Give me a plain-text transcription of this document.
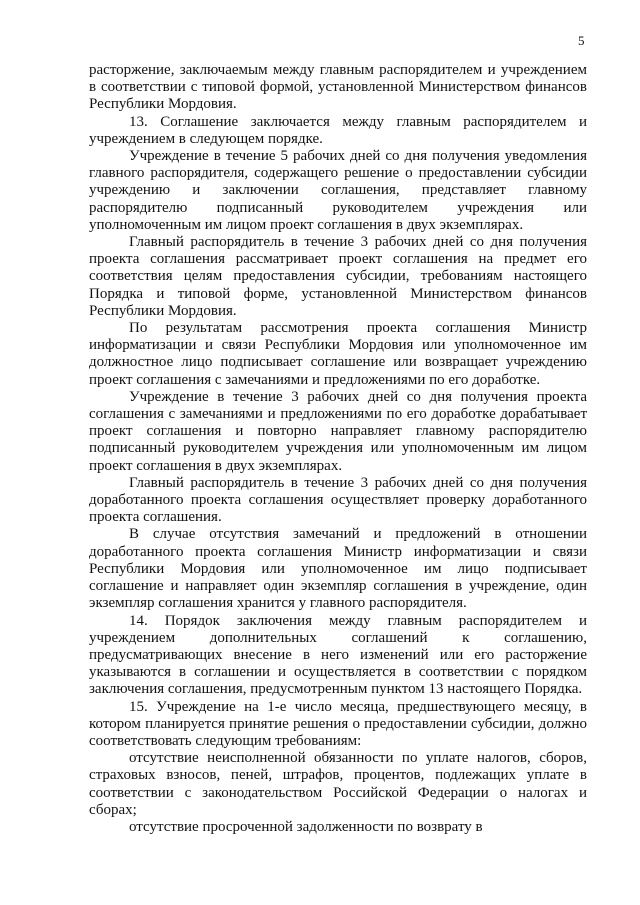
5

расторжение, заключаемым между главным распорядителем и учреждением в соответствии с типовой формой, установленной Министерством финансов Республики Мордовия.

13. Соглашение заключается между главным распорядителем и учреждением в следующем порядке.

Учреждение в течение 5 рабочих дней со дня получения уведомления главного распорядителя, содержащего решение о предоставлении субсидии учреждению и заключении соглашения, представляет главному распорядителю подписанный руководителем учреждения или уполномоченным им лицом проект соглашения в двух экземплярах.

Главный распорядитель в течение 3 рабочих дней со дня получения проекта соглашения рассматривает проект соглашения на предмет его соответствия целям предоставления субсидии, требованиям настоящего Порядка и типовой форме, установленной Министерством финансов Республики Мордовия.

По результатам рассмотрения проекта соглашения Министр информатизации и связи Республики Мордовия или уполномоченное им должностное лицо подписывает соглашение или возвращает учреждению проект соглашения с замечаниями и предложениями по его доработке.

Учреждение в течение 3 рабочих дней со дня получения проекта соглашения с замечаниями и предложениями по его доработке дорабатывает проект соглашения и повторно направляет главному распорядителю подписанный руководителем учреждения или уполномоченным им лицом проект соглашения в двух экземплярах.

Главный распорядитель в течение 3 рабочих дней со дня получения доработанного проекта соглашения осуществляет проверку доработанного проекта соглашения.

В случае отсутствия замечаний и предложений в отношении доработанного проекта соглашения Министр информатизации и связи Республики Мордовия или уполномоченное им лицо подписывает соглашение и направляет один экземпляр соглашения в учреждение, один экземпляр соглашения хранится у главного распорядителя.

14. Порядок заключения между главным распорядителем и учреждением дополнительных соглашений к соглашению, предусматривающих внесение в него изменений или его расторжение указываются в соглашении и осуществляется в соответствии с порядком заключения соглашения, предусмотренным пунктом 13 настоящего Порядка.

15. Учреждение на 1-е число месяца, предшествующего месяцу, в котором планируется принятие решения о предоставлении субсидии, должно соответствовать следующим требованиям:

отсутствие неисполненной обязанности по уплате налогов, сборов, страховых взносов, пеней, штрафов, процентов, подлежащих уплате в соответствии с законодательством Российской Федерации о налогах и сборах;

отсутствие просроченной задолженности по возврату в
